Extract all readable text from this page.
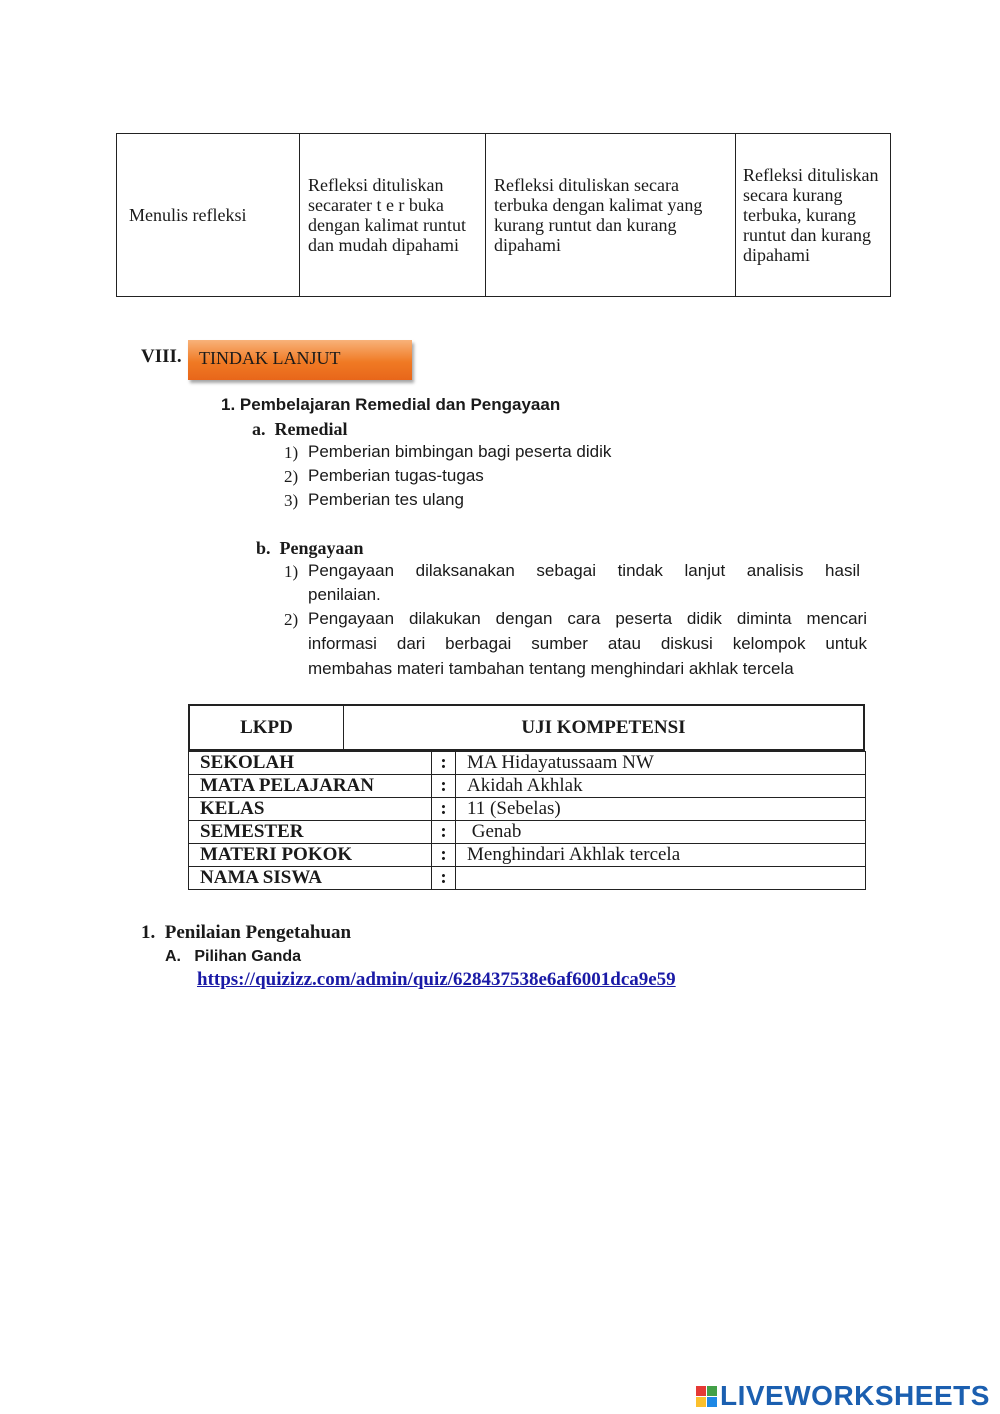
Menulis refleksi	Refleksi dituliskan secarater t e r buka dengan kalimat runtut dan mudah dipahami	Refleksi dituliskan secara terbuka dengan kalimat yang kurang runtut dan kurang dipahami	Refleksi dituliskan secara kurang terbuka, kurang runtut dan kurang dipahami
VIII. TINDAK LANJUT
1. Pembelajaran Remedial dan Pengayaan
a.  Remedial
1) Pemberian bimbingan bagi peserta didik
2) Pemberian tugas-tugas
3) Pemberian tes ulang
b.  Pengayaan
1) Pengayaan dilaksanakan sebagai tindak lanjut analisis hasil
penilaian.
2) Pengayaan dilakukan dengan cara peserta didik diminta mencari
informasi dari berbagai sumber atau diskusi kelompok untuk
membahas materi tambahan tentang menghindari akhlak tercela
LKPD	UJI KOMPETENSI
SEKOLAH	:	MA Hidayatussaam NW
MATA PELAJARAN	:	Akidah Akhlak
KELAS	:	11 (Sebelas)
SEMESTER	:	Genab
MATERI POKOK	:	Menghindari Akhlak tercela
NAMA SISWA	:	
1.  Penilaian Pengetahuan
A.   Pilihan Ganda
https://quizizz.com/admin/quiz/628437538e6af6001dca9e59
LIVEWORKSHEETS
